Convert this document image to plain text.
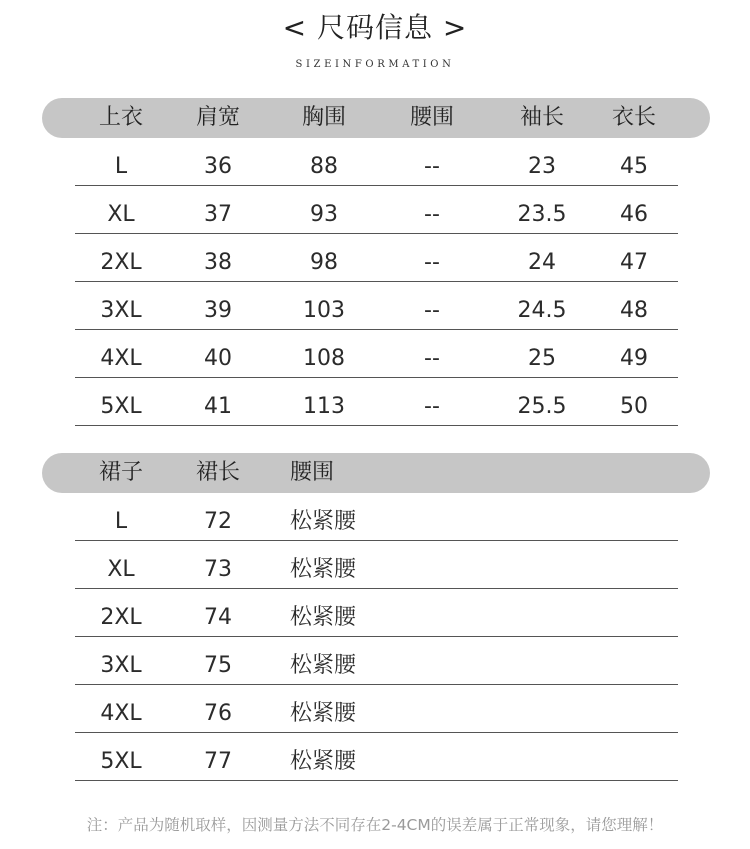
< 尺码信息 >
SIZEINFORMATION
上衣	肩宽	胸围	腰围	袖长	衣长
L	36	88	--	23	45
XL	37	93	--	23.5	46
2XL	38	98	--	24	47
3XL	39	103	--	24.5	48
4XL	40	108	--	25	49
5XL	41	113	--	25.5	50
裙子	裙长	腰围
L	72	松紧腰
XL	73	松紧腰
2XL	74	松紧腰
3XL	75	松紧腰
4XL	76	松紧腰
5XL	77	松紧腰
注：产品为随机取样，因测量方法不同存在2-4CM的误差属于正常现象，请您理解！
